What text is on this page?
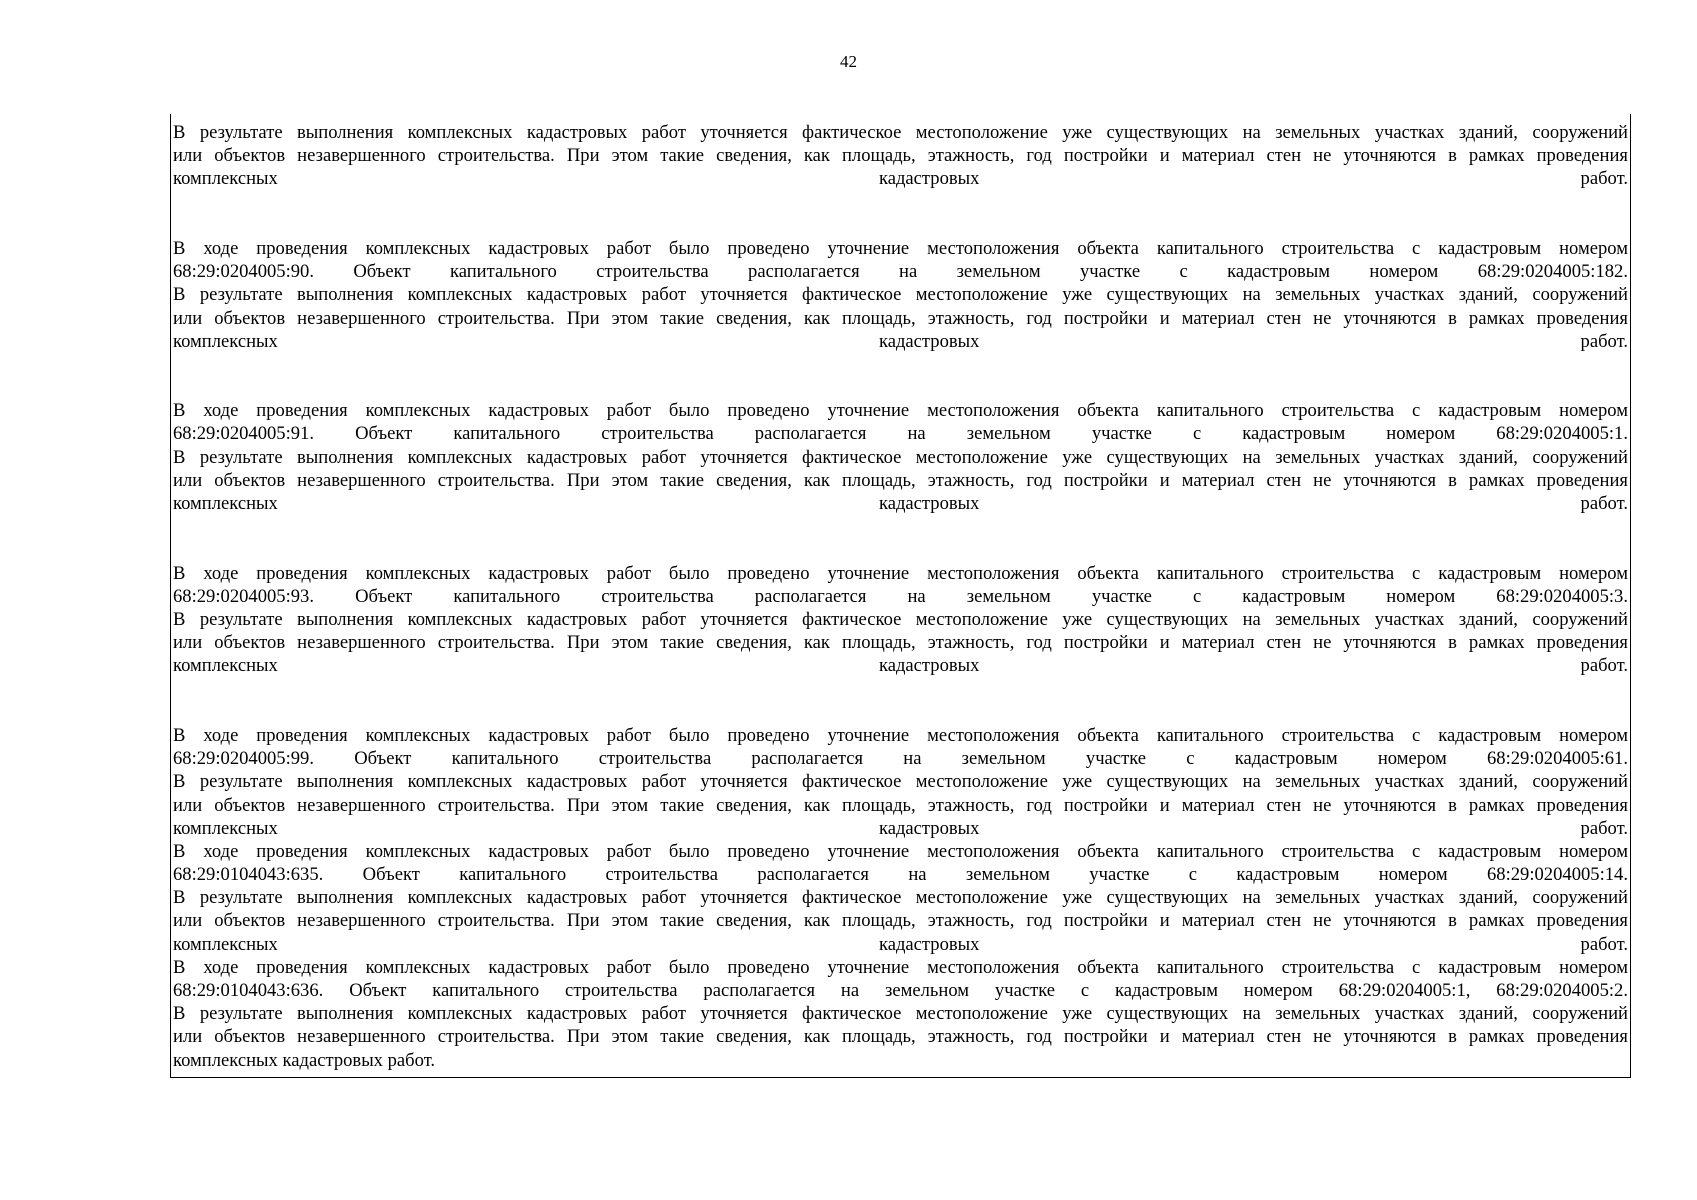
42
В результате выполнения комплексных кадастровых работ уточняется фактическое местоположение уже существующих на земельных участках зданий, сооружений
или объектов незавершенного строительства. При этом такие сведения, как площадь, этажность, год постройки и материал стен не уточняются в рамках проведения
комплексных кадастровых работ.
В ходе проведения комплексных кадастровых работ было проведено уточнение местоположения объекта капитального строительства с кадастровым номером
68:29:0204005:90. Объект капитального строительства располагается на земельном участке с кадастровым номером 68:29:0204005:182.
В результате выполнения комплексных кадастровых работ уточняется фактическое местоположение уже существующих на земельных участках зданий, сооружений
или объектов незавершенного строительства. При этом такие сведения, как площадь, этажность, год постройки и материал стен не уточняются в рамках проведения
комплексных кадастровых работ.
В ходе проведения комплексных кадастровых работ было проведено уточнение местоположения объекта капитального строительства с кадастровым номером
68:29:0204005:91. Объект капитального строительства располагается на земельном участке с кадастровым номером 68:29:0204005:1.
В результате выполнения комплексных кадастровых работ уточняется фактическое местоположение уже существующих на земельных участках зданий, сооружений
или объектов незавершенного строительства. При этом такие сведения, как площадь, этажность, год постройки и материал стен не уточняются в рамках проведения
комплексных кадастровых работ.
В ходе проведения комплексных кадастровых работ было проведено уточнение местоположения объекта капитального строительства с кадастровым номером
68:29:0204005:93. Объект капитального строительства располагается на земельном участке с кадастровым номером 68:29:0204005:3.
В результате выполнения комплексных кадастровых работ уточняется фактическое местоположение уже существующих на земельных участках зданий, сооружений
или объектов незавершенного строительства. При этом такие сведения, как площадь, этажность, год постройки и материал стен не уточняются в рамках проведения
комплексных кадастровых работ.
В ходе проведения комплексных кадастровых работ было проведено уточнение местоположения объекта капитального строительства с кадастровым номером
68:29:0204005:99. Объект капитального строительства располагается на земельном участке с кадастровым номером 68:29:0204005:61.
В результате выполнения комплексных кадастровых работ уточняется фактическое местоположение уже существующих на земельных участках зданий, сооружений
или объектов незавершенного строительства. При этом такие сведения, как площадь, этажность, год постройки и материал стен не уточняются в рамках проведения
комплексных кадастровых работ.
В ходе проведения комплексных кадастровых работ было проведено уточнение местоположения объекта капитального строительства с кадастровым номером
68:29:0104043:635. Объект капитального строительства располагается на земельном участке с кадастровым номером 68:29:0204005:14.
В результате выполнения комплексных кадастровых работ уточняется фактическое местоположение уже существующих на земельных участках зданий, сооружений
или объектов незавершенного строительства. При этом такие сведения, как площадь, этажность, год постройки и материал стен не уточняются в рамках проведения
комплексных кадастровых работ.
В ходе проведения комплексных кадастровых работ было проведено уточнение местоположения объекта капитального строительства с кадастровым номером
68:29:0104043:636. Объект капитального строительства располагается на земельном участке с кадастровым номером 68:29:0204005:1, 68:29:0204005:2.
В результате выполнения комплексных кадастровых работ уточняется фактическое местоположение уже существующих на земельных участках зданий, сооружений
или объектов незавершенного строительства. При этом такие сведения, как площадь, этажность, год постройки и материал стен не уточняются в рамках проведения
комплексных кадастровых работ.
